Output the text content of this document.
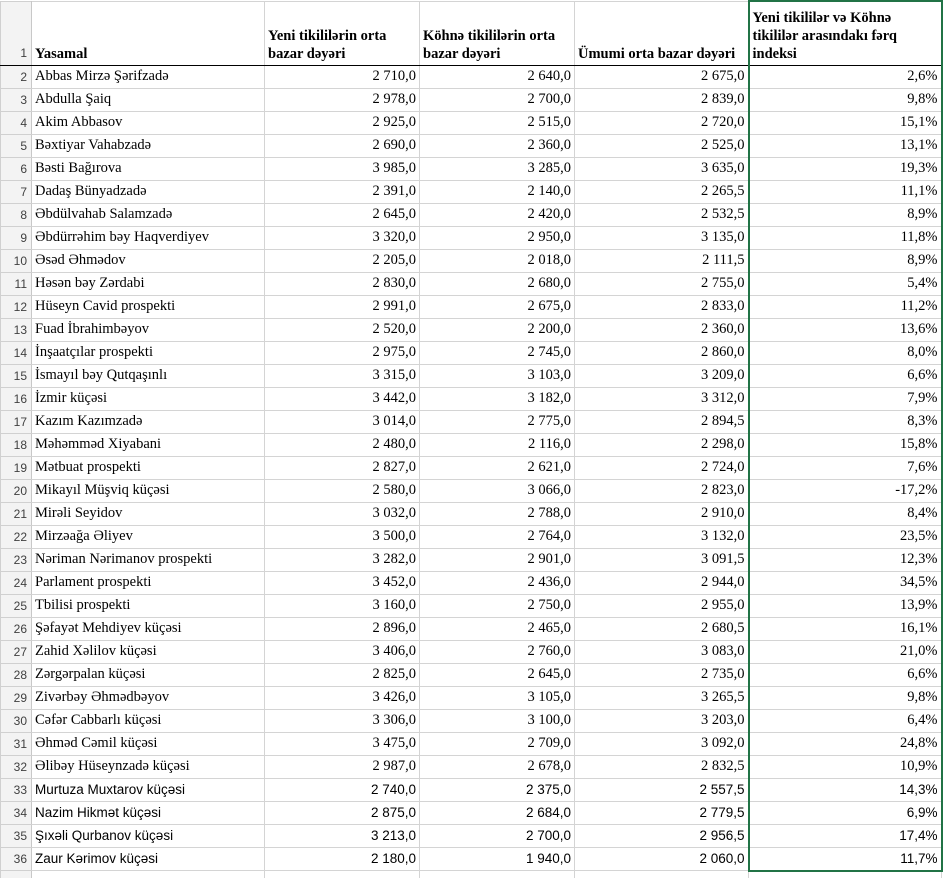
1	Yasamal	Yeni tikililərin orta bazar dəyəri	Köhnə tikililərin orta bazar dəyəri	Ümumi orta bazar dəyəri	Yeni tikililər və Köhnə tikililər arasındakı fərq indeksi
2	Abbas Mirzə Şərifzadə	2 710,0	2 640,0	2 675,0	2,6%
3	Abdulla Şaiq	2 978,0	2 700,0	2 839,0	9,8%
4	Akim Abbasov	2 925,0	2 515,0	2 720,0	15,1%
5	Bəxtiyar Vahabzadə	2 690,0	2 360,0	2 525,0	13,1%
6	Bəsti Bağırova	3 985,0	3 285,0	3 635,0	19,3%
7	Dadaş Bünyadzadə	2 391,0	2 140,0	2 265,5	11,1%
8	Əbdülvahab Salamzadə	2 645,0	2 420,0	2 532,5	8,9%
9	Əbdürrəhim bəy Haqverdiyev	3 320,0	2 950,0	3 135,0	11,8%
10	Əsəd Əhmədov	2 205,0	2 018,0	2 111,5	8,9%
11	Həsən bəy Zərdabi	2 830,0	2 680,0	2 755,0	5,4%
12	Hüseyn Cavid prospekti	2 991,0	2 675,0	2 833,0	11,2%
13	Fuad İbrahimbəyov	2 520,0	2 200,0	2 360,0	13,6%
14	İnşaatçılar prospekti	2 975,0	2 745,0	2 860,0	8,0%
15	İsmayıl bəy Qutqaşınlı	3 315,0	3 103,0	3 209,0	6,6%
16	İzmir küçəsi	3 442,0	3 182,0	3 312,0	7,9%
17	Kazım Kazımzadə	3 014,0	2 775,0	2 894,5	8,3%
18	Məhəmməd Xiyabani	2 480,0	2 116,0	2 298,0	15,8%
19	Mətbuat prospekti	2 827,0	2 621,0	2 724,0	7,6%
20	Mikayıl Müşviq küçəsi	2 580,0	3 066,0	2 823,0	-17,2%
21	Mirəli Seyidov	3 032,0	2 788,0	2 910,0	8,4%
22	Mirzəağa Əliyev	3 500,0	2 764,0	3 132,0	23,5%
23	Nəriman Nərimanov prospekti	3 282,0	2 901,0	3 091,5	12,3%
24	Parlament prospekti	3 452,0	2 436,0	2 944,0	34,5%
25	Tbilisi prospekti	3 160,0	2 750,0	2 955,0	13,9%
26	Şəfayət Mehdiyev küçəsi	2 896,0	2 465,0	2 680,5	16,1%
27	Zahid Xəlilov küçəsi	3 406,0	2 760,0	3 083,0	21,0%
28	Zərgərpalan küçəsi	2 825,0	2 645,0	2 735,0	6,6%
29	Zivərbəy Əhmədbəyov	3 426,0	3 105,0	3 265,5	9,8%
30	Cəfər Cabbarlı küçəsi	3 306,0	3 100,0	3 203,0	6,4%
31	Əhməd Cəmil küçəsi	3 475,0	2 709,0	3 092,0	24,8%
32	Əlibəy Hüseynzadə küçəsi	2 987,0	2 678,0	2 832,5	10,9%
33	Murtuza Muxtarov küçəsi	2 740,0	2 375,0	2 557,5	14,3%
34	Nazim Hikmət küçəsi	2 875,0	2 684,0	2 779,5	6,9%
35	Şıxəli Qurbanov küçəsi	3 213,0	2 700,0	2 956,5	17,4%
36	Zaur Kərimov küçəsi	2 180,0	1 940,0	2 060,0	11,7%
